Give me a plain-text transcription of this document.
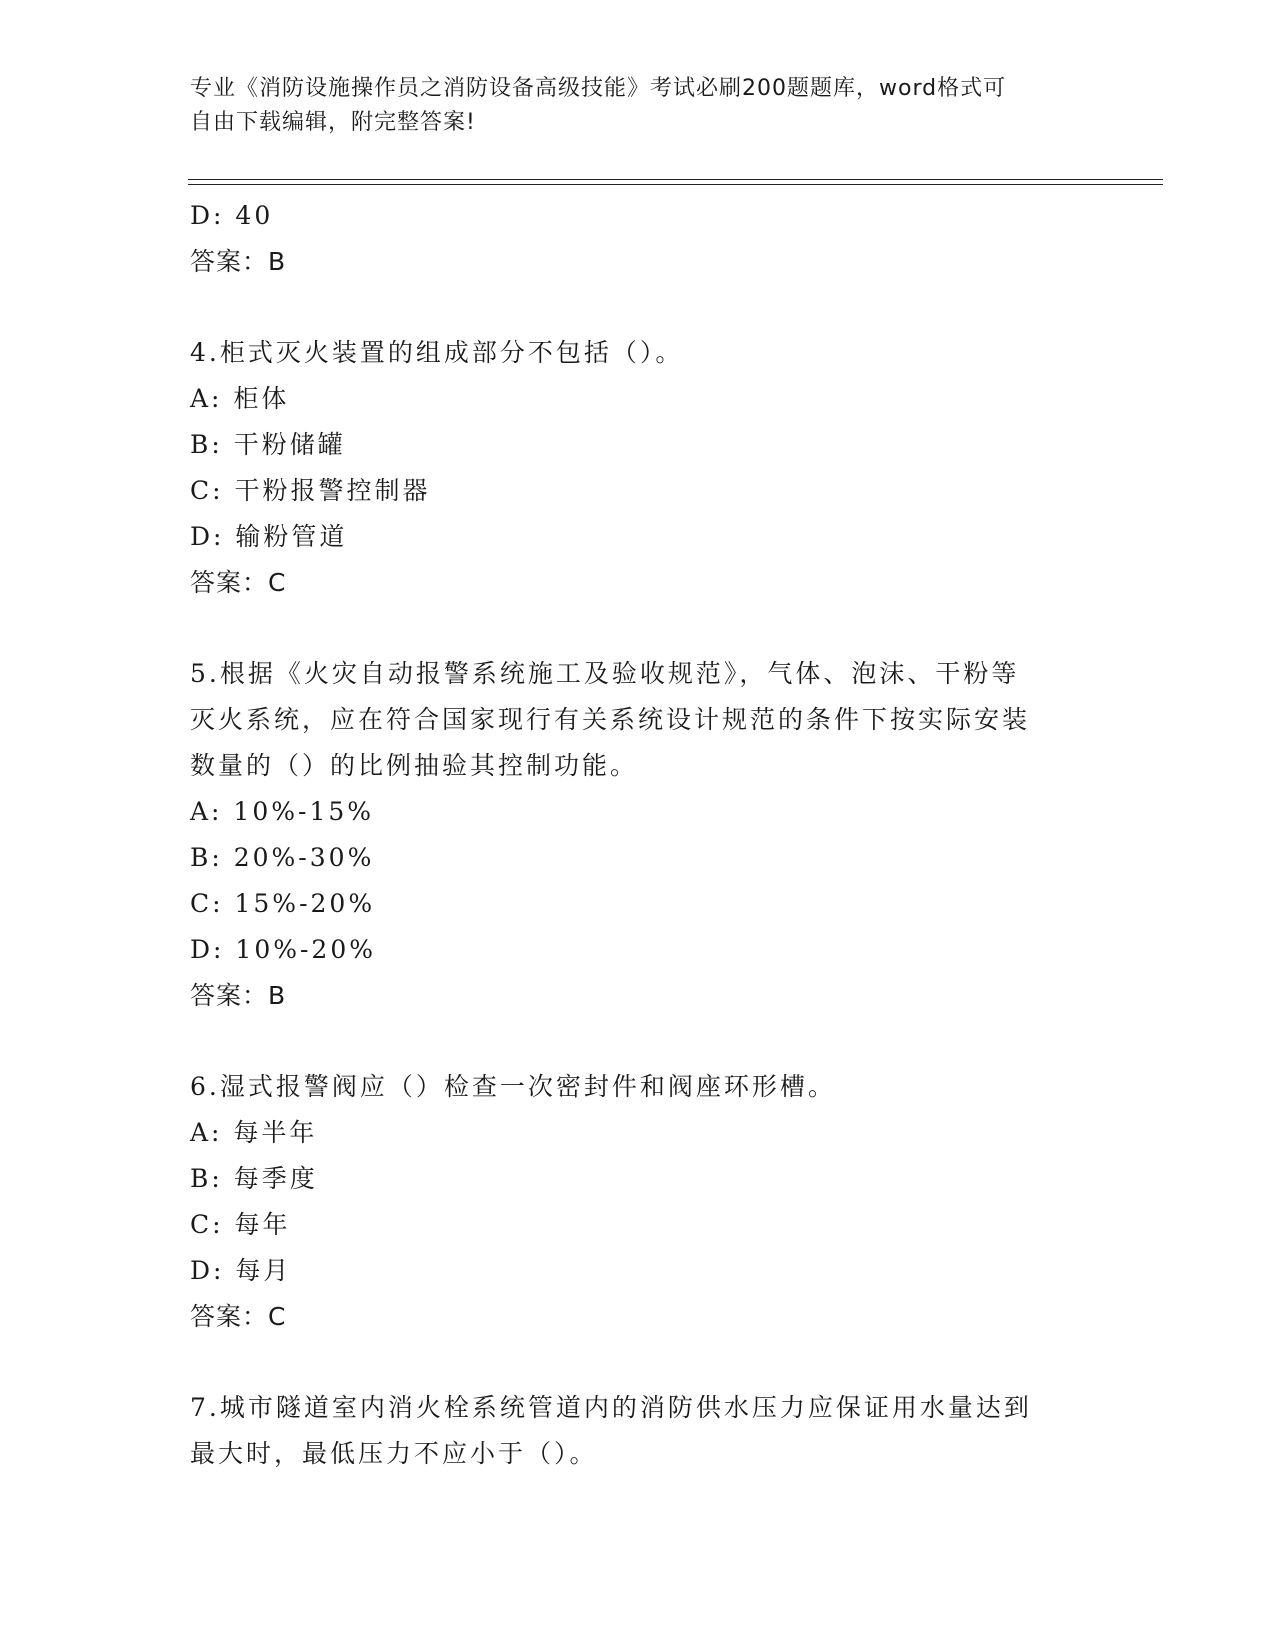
专业《消防设施操作员之消防设备高级技能》考试必刷200题题库，word格式可
自由下载编辑，附完整答案!
D: 40
答案：B
4.柜式灭火装置的组成部分不包括（）。
A: 柜体
B: 干粉储罐
C: 干粉报警控制器
D: 输粉管道
答案：C
5.根据《火灾自动报警系统施工及验收规范》，气体、泡沫、干粉等
灭火系统，应在符合国家现行有关系统设计规范的条件下按实际安装
数量的（）的比例抽验其控制功能。
A: 10%-15%
B: 20%-30%
C: 15%-20%
D: 10%-20%
答案：B
6.湿式报警阀应（）检查一次密封件和阀座环形槽。
A: 每半年
B: 每季度
C: 每年
D: 每月
答案：C
7.城市隧道室内消火栓系统管道内的消防供水压力应保证用水量达到
最大时，最低压力不应小于（）。
